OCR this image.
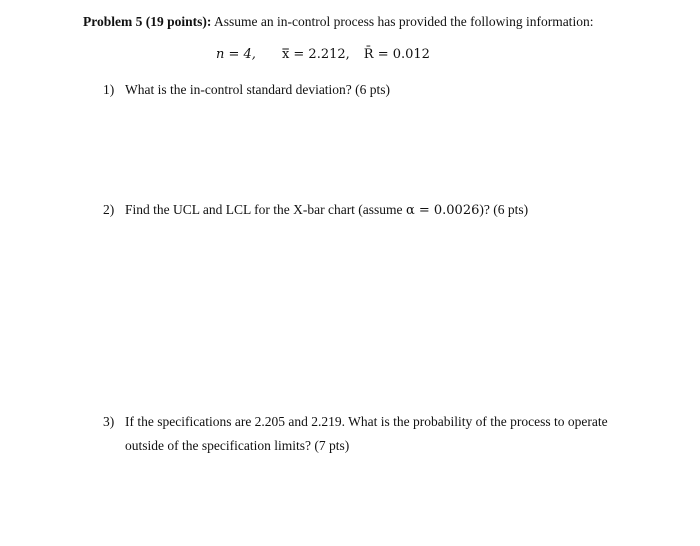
Problem 5 (19 points): Assume an in-control process has provided the following information:
n = 4, x̿ = 2.212, R̄ = 0.012
1) What is the in-control standard deviation? (6 pts)
2) Find the UCL and LCL for the X-bar chart (assume α = 0.0026)? (6 pts)
3) If the specifications are 2.205 and 2.219. What is the probability of the process to operate
outside of the specification limits? (7 pts)
